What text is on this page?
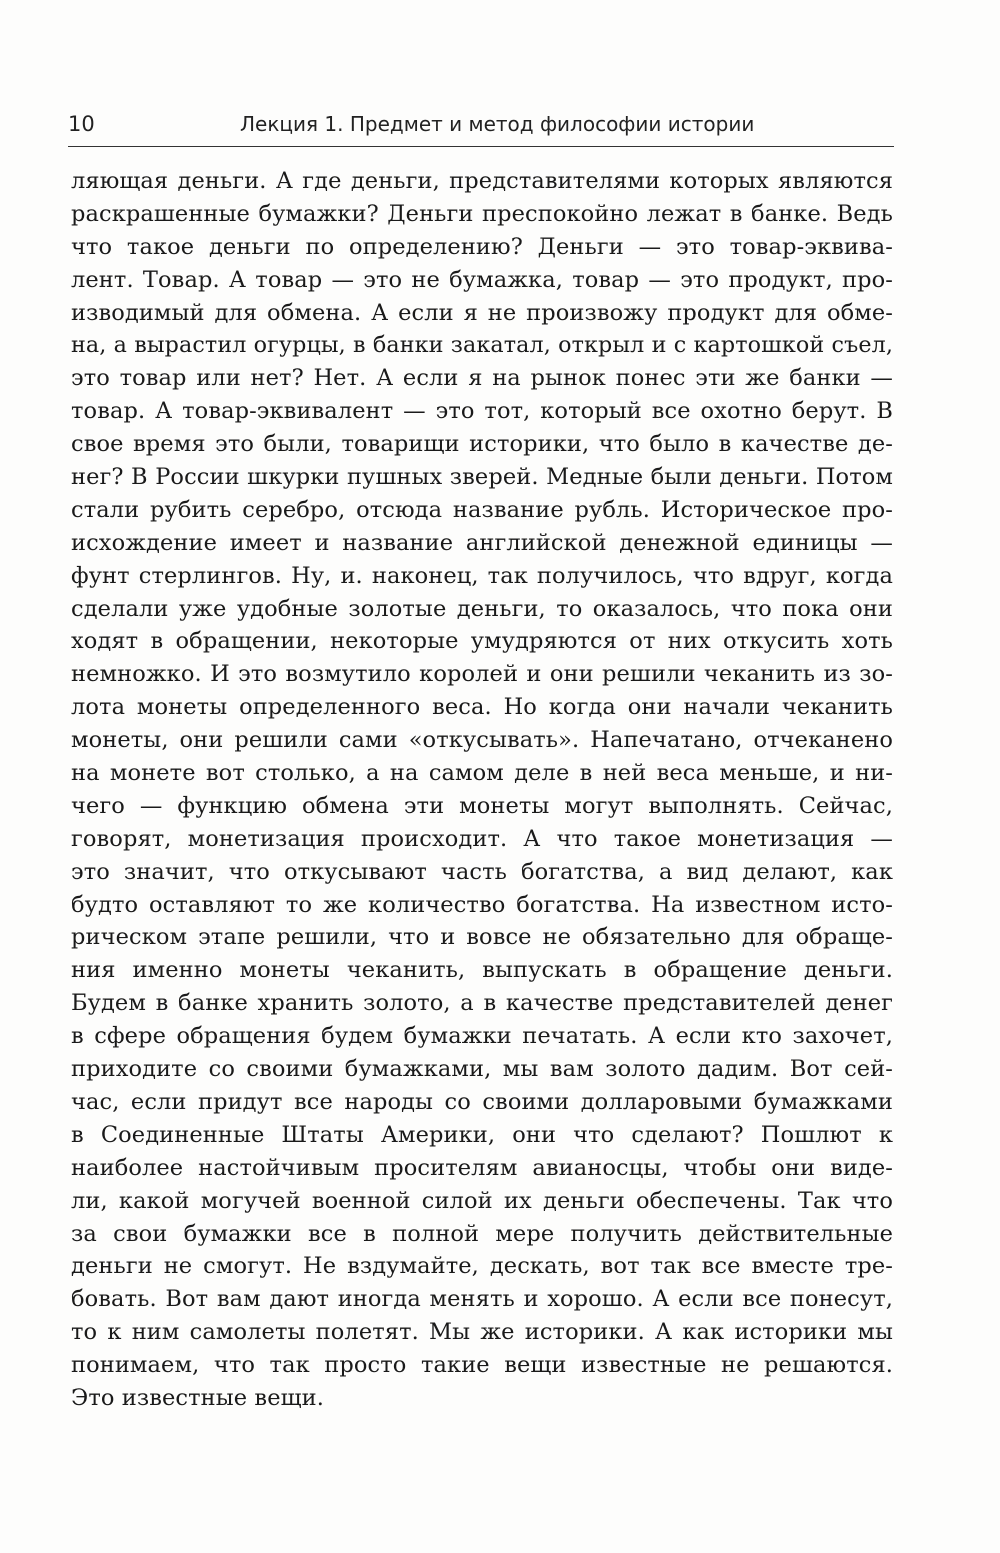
10	Лекция 1. Предмет и метод философии истории
ляющая деньги. А где деньги, представителями которых являются
раскрашенные бумажки? Деньги преспокойно лежат в банке. Ведь
что такое деньги по определению? Деньги — это товар-эквива-
лент. Товар. А товар — это не бумажка, товар — это продукт, про-
изводимый для обмена. А если я не произвожу продукт для обме-
на, а вырастил огурцы, в банки закатал, открыл и с картошкой съел,
это товар или нет? Нет. А если я на рынок понес эти же банки —
товар. А товар-эквивалент — это тот, который все охотно берут. В
свое время это были, товарищи историки, что было в качестве де-
нег? В России шкурки пушных зверей. Медные были деньги. Потом
стали рубить серебро, отсюда название рубль. Историческое про-
исхождение имеет и название английской денежной единицы —
фунт стерлингов. Ну, и. наконец, так получилось, что вдруг, когда
сделали уже удобные золотые деньги, то оказалось, что пока они
ходят в обращении, некоторые умудряются от них откусить хоть
немножко. И это возмутило королей и они решили чеканить из зо-
лота монеты определенного веса. Но когда они начали чеканить
монеты, они решили сами «откусывать». Напечатано, отчеканено
на монете вот столько, а на самом деле в ней веса меньше, и ни-
чего — функцию обмена эти монеты могут выполнять. Сейчас,
говорят, монетизация происходит. А что такое монетизация —
это значит, что откусывают часть богатства, а вид делают, как
будто оставляют то же количество богатства. На известном исто-
рическом этапе решили, что и вовсе не обязательно для обраще-
ния именно монеты чеканить, выпускать в обращение деньги.
Будем в банке хранить золото, а в качестве представителей денег
в сфере обращения будем бумажки печатать. А если кто захочет,
приходите со своими бумажками, мы вам золото дадим. Вот сей-
час, если придут все народы со своими долларовыми бумажками
в Соединенные Штаты Америки, они что сделают? Пошлют к
наиболее настойчивым просителям авианосцы, чтобы они виде-
ли, какой могучей военной силой их деньги обеспечены. Так что
за свои бумажки все в полной мере получить действительные
деньги не смогут. Не вздумайте, дескать, вот так все вместе тре-
бовать. Вот вам дают иногда менять и хорошо. А если все понесут,
то к ним самолеты полетят. Мы же историки. А как историки мы
понимаем, что так просто такие вещи известные не решаются.
Это известные вещи.
